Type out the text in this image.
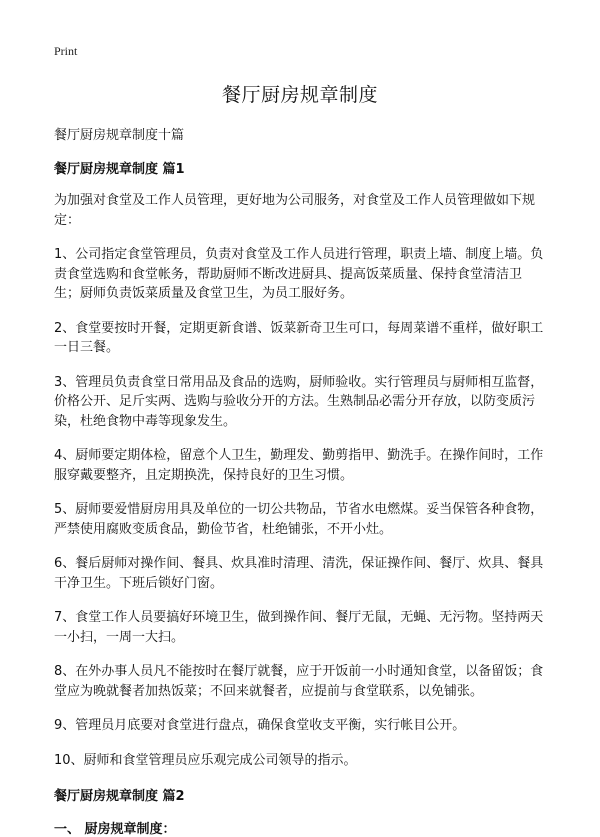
Print
餐厅厨房规章制度
餐厅厨房规章制度十篇
餐厅厨房规章制度 篇1

为加强对食堂及工作人员管理，更好地为公司服务，对食堂及工作人员管理做如下规定：

1、公司指定食堂管理员，负责对食堂及工作人员进行管理，职责上墙、制度上墙。负责食堂选购和食堂帐务，帮助厨师不断改进厨具、提高饭菜质量、保持食堂清洁卫生；厨师负责饭菜质量及食堂卫生，为员工服好务。

2、食堂要按时开餐，定期更新食谱、饭菜新奇卫生可口，每周菜谱不重样，做好职工一日三餐。

3、管理员负责食堂日常用品及食品的选购，厨师验收。实行管理员与厨师相互监督，价格公开、足斤实两、选购与验收分开的方法。生熟制品必需分开存放，以防变质污染，杜绝食物中毒等现象发生。

4、厨师要定期体检，留意个人卫生，勤理发、勤剪指甲、勤洗手。在操作间时，工作服穿戴要整齐，且定期换洗，保持良好的卫生习惯。

5、厨师要爱惜厨房用具及单位的一切公共物品，节省水电燃煤。妥当保管各种食物，严禁使用腐败变质食品，勤俭节省，杜绝铺张，不开小灶。

6、餐后厨师对操作间、餐具、炊具准时清理、清洗，保证操作间、餐厅、炊具、餐具干净卫生。下班后锁好门窗。

7、食堂工作人员要搞好环境卫生，做到操作间、餐厅无鼠，无蝇、无污物。坚持两天一小扫，一周一大扫。

8、在外办事人员凡不能按时在餐厅就餐，应于开饭前一小时通知食堂，以备留饭；食堂应为晚就餐者加热饭菜；不回来就餐者，应提前与食堂联系，以免铺张。

9、管理员月底要对食堂进行盘点，确保食堂收支平衡，实行帐目公开。

10、厨师和食堂管理员应乐观完成公司领导的指示。

餐厅厨房规章制度 篇2
一、 厨房规章制度：
